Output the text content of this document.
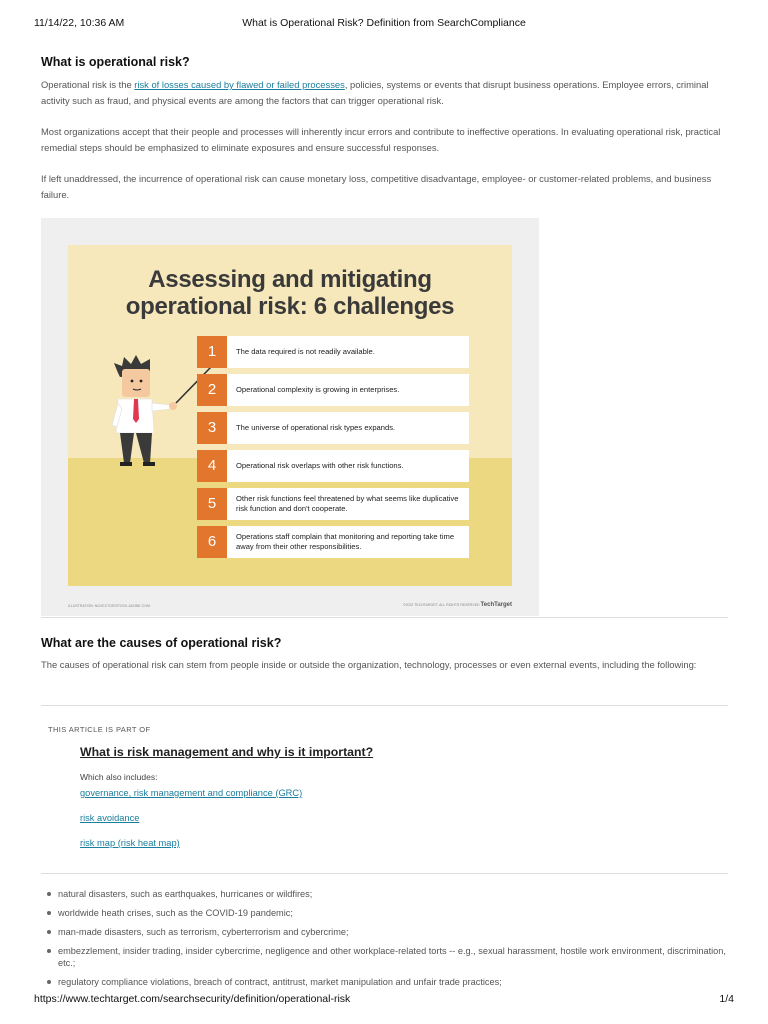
11/14/22, 10:36 AM	What is Operational Risk? Definition from SearchCompliance
What is operational risk?

Operational risk is the risk of losses caused by flawed or failed processes, policies, systems or events that disrupt business operations. Employee errors, criminal activity such as fraud, and physical events are among the factors that can trigger operational risk.

Most organizations accept that their people and processes will inherently incur errors and contribute to ineffective operations. In evaluating operational risk, practical remedial steps should be emphasized to eliminate exposures and ensure successful responses.

If left unaddressed, the incurrence of operational risk can cause monetary loss, competitive disadvantage, employee- or customer-related problems, and business failure.

Assessing and mitigating
operational risk: 6 challenges
1	The data required is not readily available.
2	Operational complexity is growing in enterprises.
3	The universe of operational risk types expands.
4	Operational risk overlaps with other risk functions.
5	Other risk functions feel threatened by what seems like duplicative risk function and don't cooperate.
6	Operations staff complain that monitoring and reporting take time away from their other responsibilities.
ILLUSTRATION: NGVECTOR/STOCK.ADOBE.COM	©2022 TECHTARGET. ALL RIGHTS RESERVED TechTarget
What are the causes of operational risk?

The causes of operational risk can stem from people inside or outside the organization, technology, processes or even external events, including the following:

THIS ARTICLE IS PART OF
What is risk management and why is it important?
Which also includes:
governance, risk management and compliance (GRC)
risk avoidance
risk map (risk heat map)
natural disasters, such as earthquakes, hurricanes or wildfires;
worldwide heath crises, such as the COVID-19 pandemic;
man-made disasters, such as terrorism, cyberterrorism and cybercrime;
embezzlement, insider trading, insider cybercrime, negligence and other workplace-related torts -- e.g., sexual harassment, hostile work environment, discrimination, etc.;
regulatory compliance violations, breach of contract, antitrust, market manipulation and unfair trade practices;
https://www.techtarget.com/searchsecurity/definition/operational-risk	1/4
